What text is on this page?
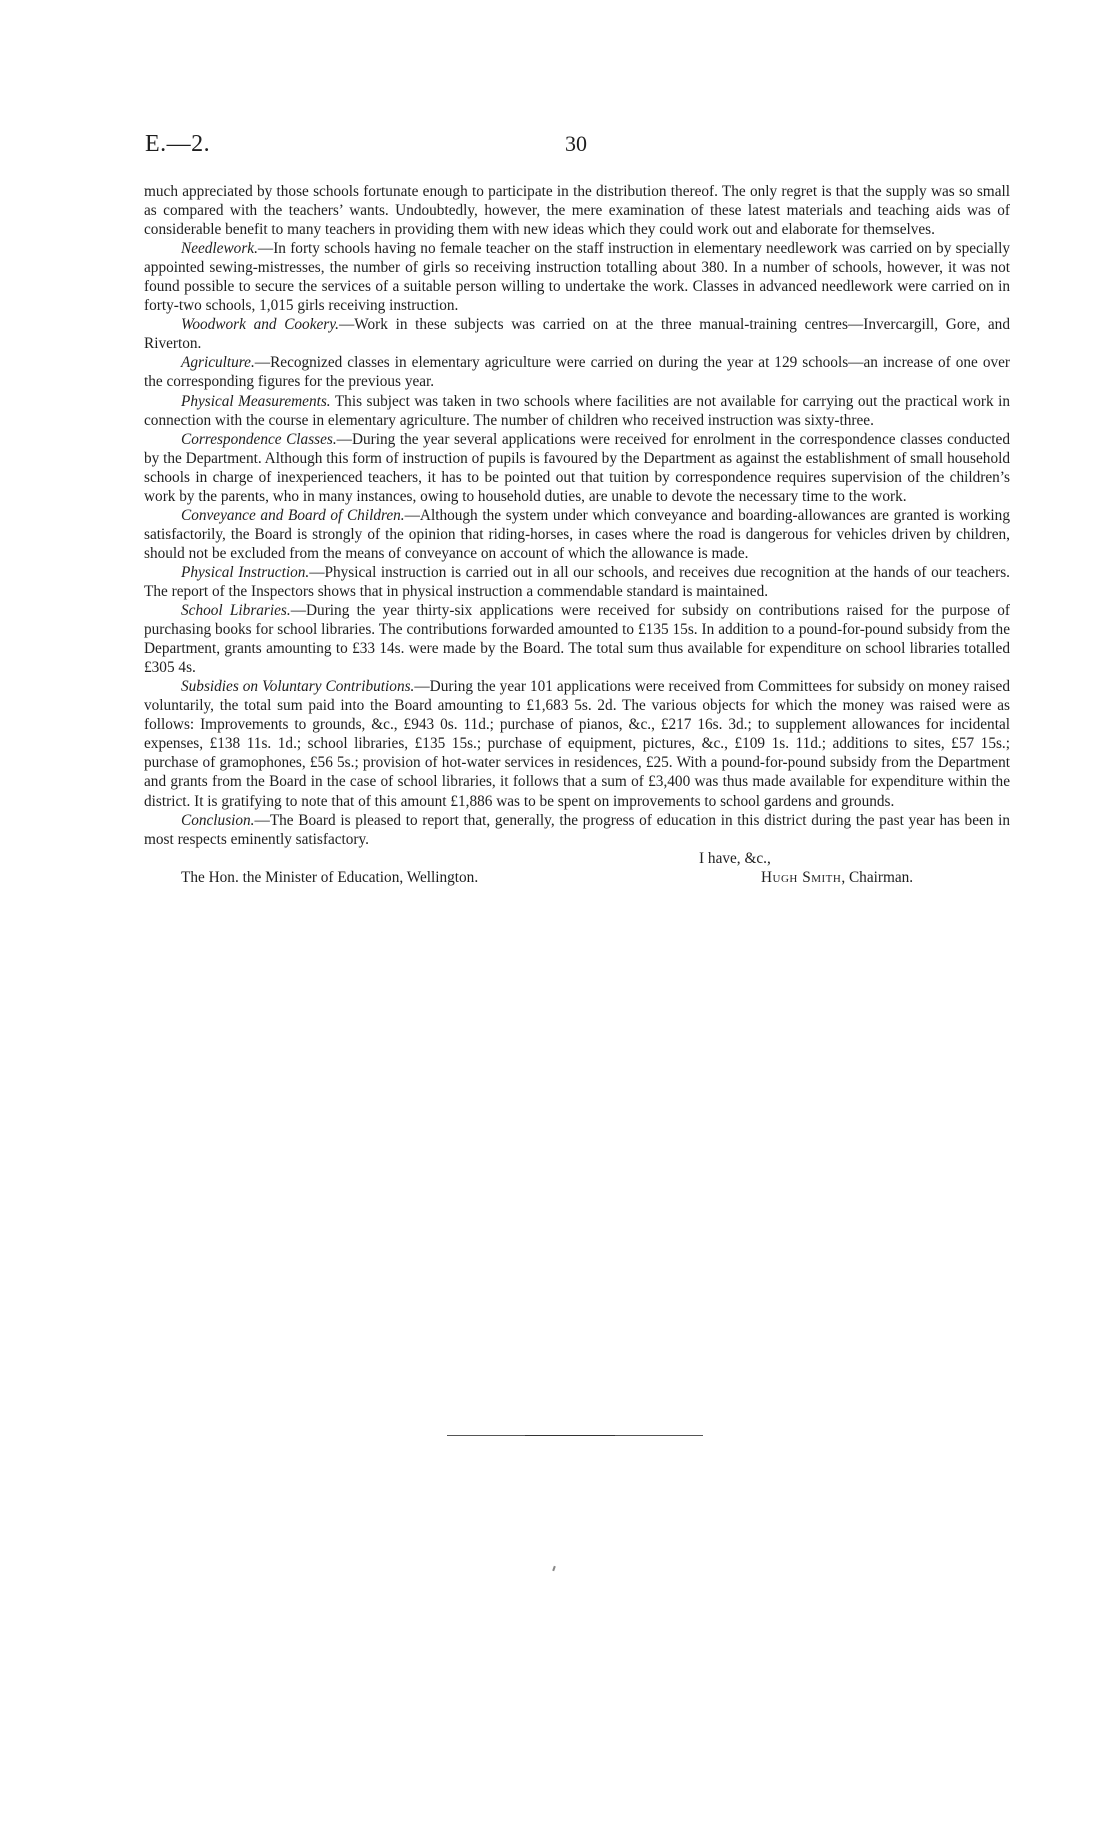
E.—2.	30

much appreciated by those schools fortunate enough to participate in the distribution thereof. The only regret is that the supply was so small as compared with the teachers’ wants. Undoubtedly, however, the mere examination of these latest materials and teaching aids was of considerable benefit to many teachers in providing them with new ideas which they could work out and elaborate for themselves.

Needlework.—In forty schools having no female teacher on the staff instruction in elementary needlework was carried on by specially appointed sewing-mistresses, the number of girls so receiving instruction totalling about 380. In a number of schools, however, it was not found possible to secure the services of a suitable person willing to undertake the work. Classes in advanced needlework were carried on in forty-two schools, 1,015 girls receiving instruction.

Woodwork and Cookery.—Work in these subjects was carried on at the three manual-training centres—Invercargill, Gore, and Riverton.

Agriculture.—Recognized classes in elementary agriculture were carried on during the year at 129 schools—an increase of one over the corresponding figures for the previous year.

Physical Measurements. This subject was taken in two schools where facilities are not available for carrying out the practical work in connection with the course in elementary agriculture. The number of children who received instruction was sixty-three.

Correspondence Classes.—During the year several applications were received for enrolment in the correspondence classes conducted by the Department. Although this form of instruction of pupils is favoured by the Department as against the establishment of small household schools in charge of inexperienced teachers, it has to be pointed out that tuition by correspondence requires supervision of the children’s work by the parents, who in many instances, owing to household duties, are unable to devote the necessary time to the work.

Conveyance and Board of Children.—Although the system under which conveyance and boarding-allowances are granted is working satisfactorily, the Board is strongly of the opinion that riding-horses, in cases where the road is dangerous for vehicles driven by children, should not be excluded from the means of conveyance on account of which the allowance is made.

Physical Instruction.—Physical instruction is carried out in all our schools, and receives due recognition at the hands of our teachers. The report of the Inspectors shows that in physical instruction a commendable standard is maintained.

School Libraries.—During the year thirty-six applications were received for subsidy on contributions raised for the purpose of purchasing books for school libraries. The contributions forwarded amounted to £135 15s. In addition to a pound-for-pound subsidy from the Department, grants amounting to £33 14s. were made by the Board. The total sum thus available for expenditure on school libraries totalled £305 4s.

Subsidies on Voluntary Contributions.—During the year 101 applications were received from Committees for subsidy on money raised voluntarily, the total sum paid into the Board amounting to £1,683 5s. 2d. The various objects for which the money was raised were as follows: Improvements to grounds, &c., £943 0s. 11d.; purchase of pianos, &c., £217 16s. 3d.; to supplement allowances for incidental expenses, £138 11s. 1d.; school libraries, £135 15s.; purchase of equipment, pictures, &c., £109 1s. 11d.; additions to sites, £57 15s.; purchase of gramophones, £56 5s.; provision of hot-water services in residences, £25. With a pound-for-pound subsidy from the Department and grants from the Board in the case of school libraries, it follows that a sum of £3,400 was thus made available for expenditure within the district. It is gratifying to note that of this amount £1,886 was to be spent on improvements to school gardens and grounds.

Conclusion.—The Board is pleased to report that, generally, the progress of education in this district during the past year has been in most respects eminently satisfactory.

I have, &c.,
The Hon. the Minister of Education, Wellington.	Hugh Smith, Chairman.
